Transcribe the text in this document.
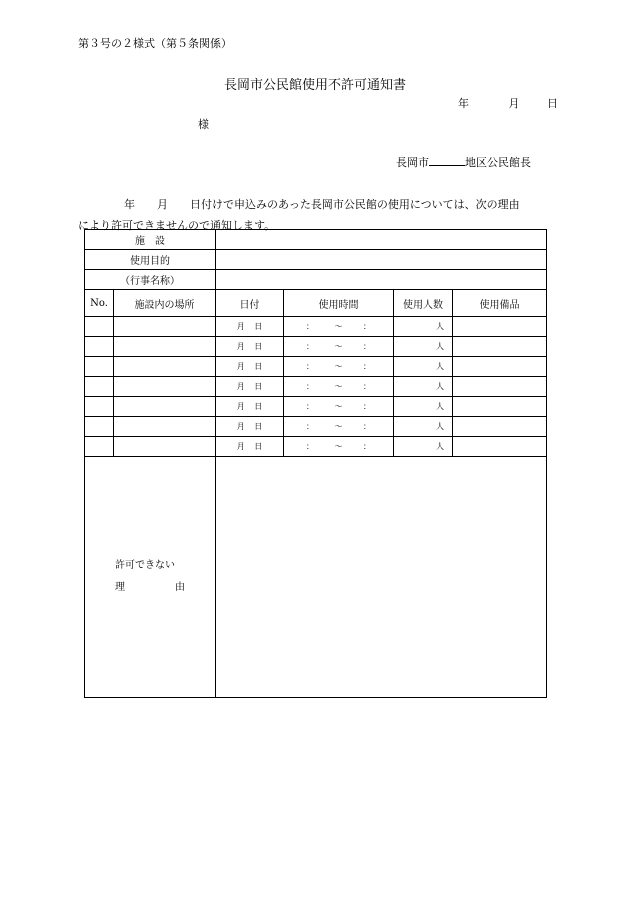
第３号の２様式（第５条関係）
長岡市公民館使用不許可通知書
年	月	日
様
長岡市	地区公民館長
年　　月　　日付けで申込みのあった長岡市公民館の使用については、次の理由
により許可できませんので通知します。
施　設					
使用目的					
（行事名称）					
No.	施設内の場所	日付	使用時間	使用人数	使用備品

		月 日	： 〜 ：	人	

		月 日	： 〜 ：	人	

		月 日	： 〜 ：	人	

		月 日	： 〜 ：	人	

		月 日	： 〜 ：	人	

		月 日	： 〜 ：	人	

		月 日	： 〜 ：	人	

許可できない
理 由					
